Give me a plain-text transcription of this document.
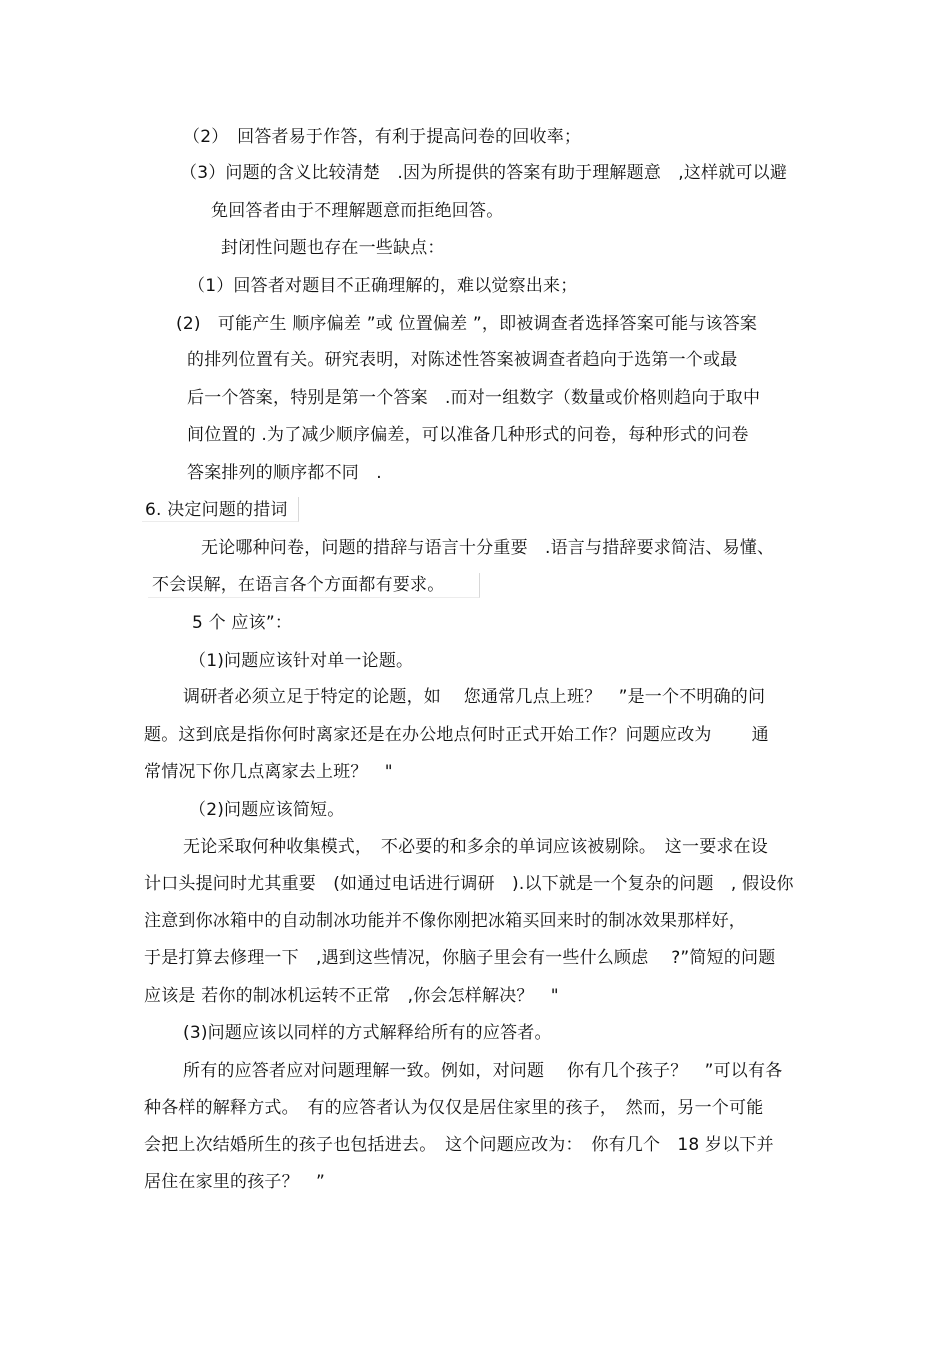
（2）　回答者易于作答，有利于提高问卷的回收率；
（3）问题的含义比较清楚　.因为所提供的答案有助于理解题意　,这样就可以避
免回答者由于不理解题意而拒绝回答。
封闭性问题也存在一些缺点：
（1）回答者对题目不正确理解的，难以觉察出来；
(2)　可能产生 顺序偏差 ”或 位置偏差 ”，即被调查者选择答案可能与该答案
的排列位置有关。研究表明，对陈述性答案被调查者趋向于选第一个或最
后一个答案，特别是第一个答案　.而对一组数字（数量或价格则趋向于取中
间位置的 .为了减少顺序偏差，可以准备几种形式的问卷，每种形式的问卷
答案排列的顺序都不同　.
6. 决定问题的措词
无论哪种问卷，问题的措辞与语言十分重要　.语言与措辞要求简洁、易懂、
不会误解，在语言各个方面都有要求。
5 个 应该”：
（1)问题应该针对单一论题。
调研者必须立足于特定的论题，如　 您通常几点上班？　”是一个不明确的问
题。这到底是指你何时离家还是在办公地点何时正式开始工作？问题应改为　　 通
常情况下你几点离家去上班？　"
（2)问题应该简短。
无论采取何种收集模式，　不必要的和多余的单词应该被剔除。　这一要求在设
计口头提问时尤其重要　(如通过电话进行调研　).以下就是一个复杂的问题　, 假设你
注意到你冰箱中的自动制冰功能并不像你刚把冰箱买回来时的制冰效果那样好，
于是打算去修理一下　,遇到这些情况，你脑子里会有一些什么顾虑　 ?”简短的问题
应该是 若你的制冰机运转不正常　,你会怎样解决？　"
(3)问题应该以同样的方式解释给所有的应答者。
所有的应答者应对问题理解一致。例如，对问题　 你有几个孩子？　”可以有各
种各样的解释方式。　有的应答者认为仅仅是居住家里的孩子，　然而，另一个可能
会把上次结婚所生的孩子也包括进去。　这个问题应改为：　你有几个　18 岁以下并
居住在家里的孩子？　”
